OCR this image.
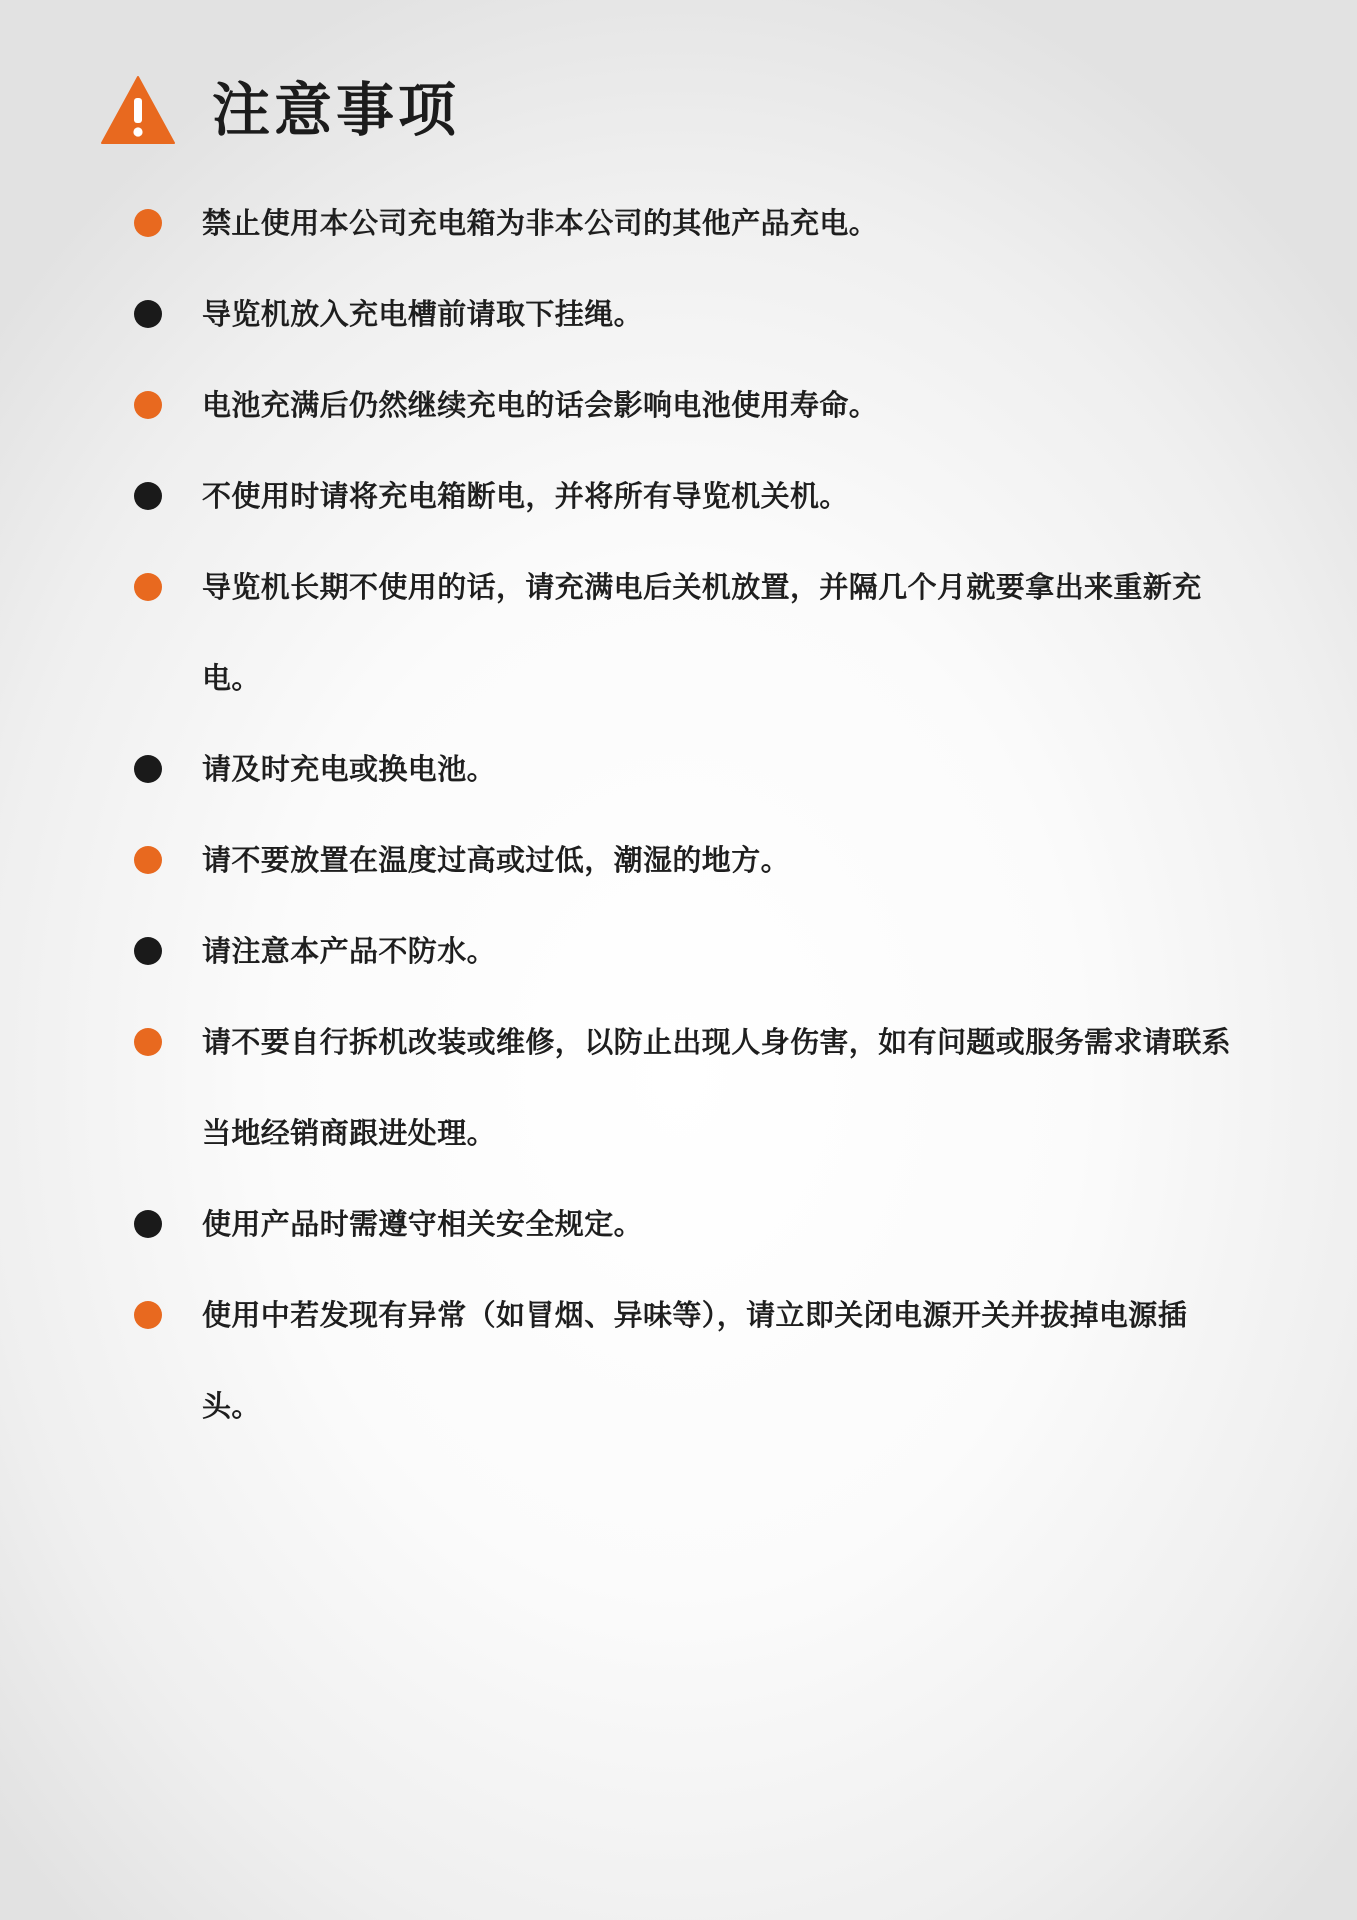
注意事项
禁止使用本公司充电箱为非本公司的其他产品充电。
导览机放入充电槽前请取下挂绳。
电池充满后仍然继续充电的话会影响电池使用寿命。
不使用时请将充电箱断电，并将所有导览机关机。
导览机长期不使用的话，请充满电后关机放置，并隔几个月就要拿出来重新充电。
请及时充电或换电池。
请不要放置在温度过高或过低，潮湿的地方。
请注意本产品不防水。
请不要自行拆机改装或维修，以防止出现人身伤害，如有问题或服务需求请联系当地经销商跟进处理。
使用产品时需遵守相关安全规定。
使用中若发现有异常（如冒烟、异味等），请立即关闭电源开关并拔掉电源插头。
